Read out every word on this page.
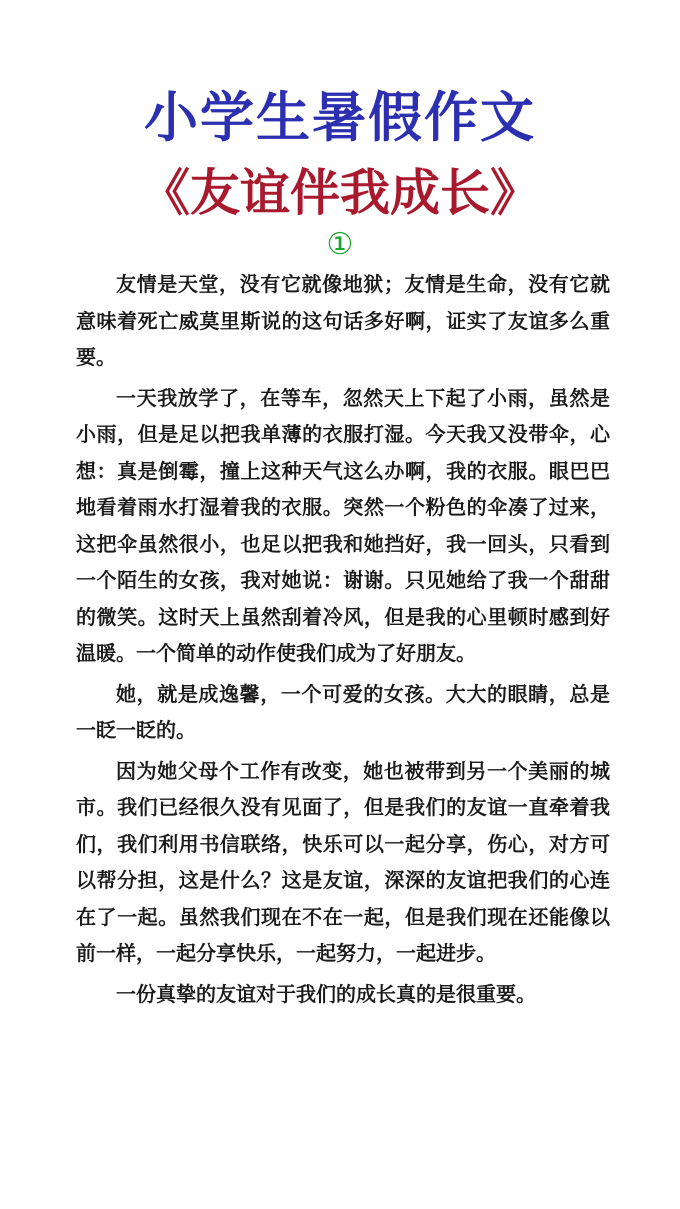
小学生暑假作文
《友谊伴我成长》
①

友情是天堂，没有它就像地狱；友情是生命，没有它就意味着死亡威莫里斯说的这句话多好啊，证实了友谊多么重要。

一天我放学了，在等车，忽然天上下起了小雨，虽然是小雨，但是足以把我单薄的衣服打湿。今天我又没带伞，心想：真是倒霉，撞上这种天气这么办啊，我的衣服。眼巴巴地看着雨水打湿着我的衣服。突然一个粉色的伞凑了过来，这把伞虽然很小，也足以把我和她挡好，我一回头，只看到一个陌生的女孩，我对她说：谢谢。只见她给了我一个甜甜的微笑。这时天上虽然刮着冷风，但是我的心里顿时感到好温暖。一个简单的动作使我们成为了好朋友。

她，就是成逸馨，一个可爱的女孩。大大的眼睛，总是一眨一眨的。

因为她父母个工作有改变，她也被带到另一个美丽的城市。我们已经很久没有见面了，但是我们的友谊一直牵着我们，我们利用书信联络，快乐可以一起分享，伤心，对方可以帮分担，这是什么？这是友谊，深深的友谊把我们的心连在了一起。虽然我们现在不在一起，但是我们现在还能像以前一样，一起分享快乐，一起努力，一起进步。

一份真挚的友谊对于我们的成长真的是很重要。
